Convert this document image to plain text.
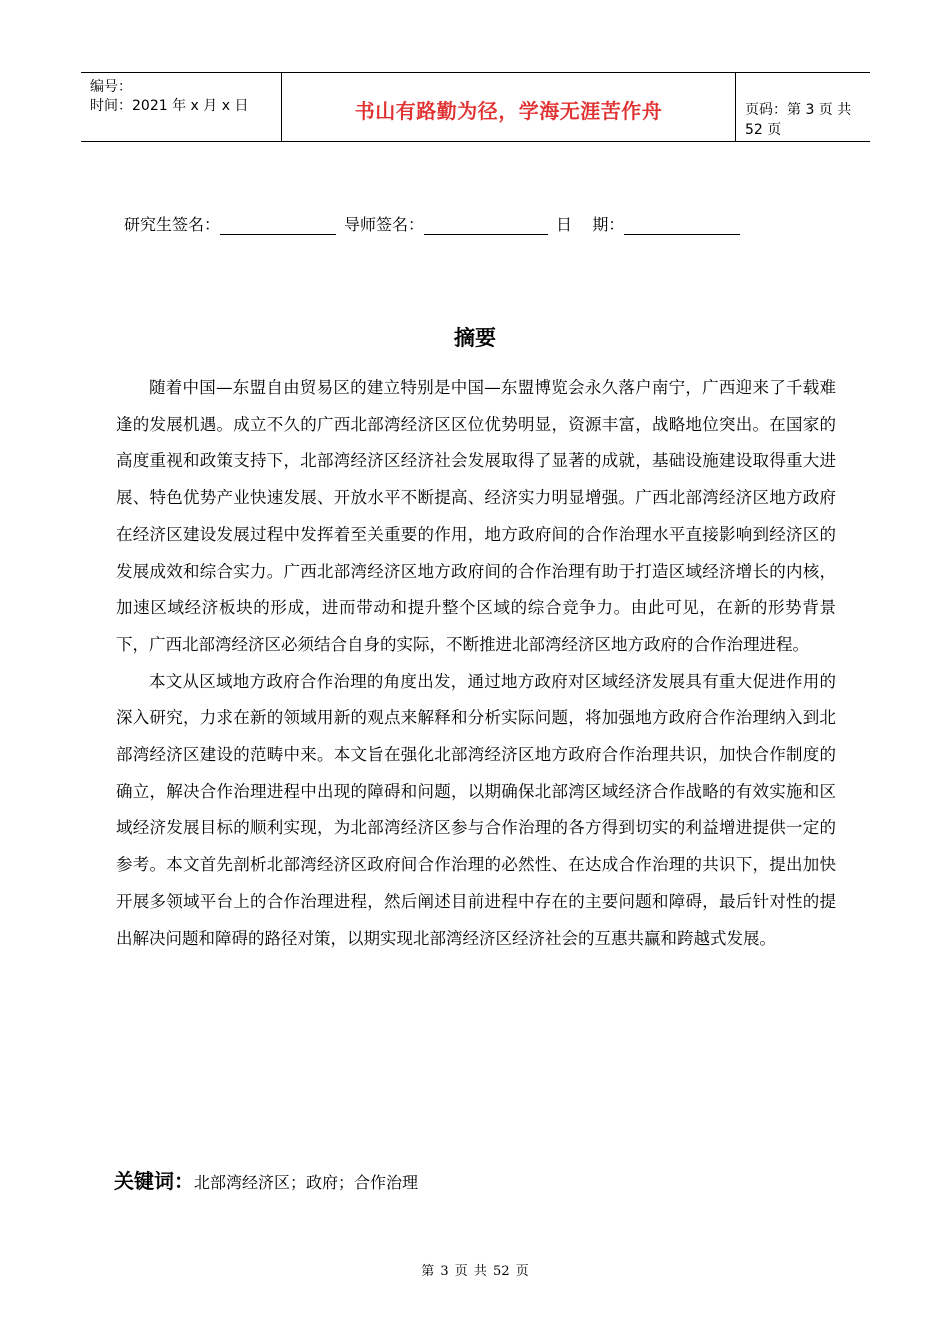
编号：
时间：2021 年 x 月 x 日	书山有路勤为径，学海无涯苦作舟	页码：第 3 页 共 52 页
研究生签名：	导师签名：	日    期：
摘要

随着中国—东盟自由贸易区的建立特别是中国—东盟博览会永久落户南宁，广西迎来了千载难逢的发展机遇。成立不久的广西北部湾经济区区位优势明显，资源丰富，战略地位突出。在国家的高度重视和政策支持下，北部湾经济区经济社会发展取得了显著的成就，基础设施建设取得重大进展、特色优势产业快速发展、开放水平不断提高、经济实力明显增强。广西北部湾经济区地方政府在经济区建设发展过程中发挥着至关重要的作用，地方政府间的合作治理水平直接影响到经济区的发展成效和综合实力。广西北部湾经济区地方政府间的合作治理有助于打造区域经济增长的内核，加速区域经济板块的形成，进而带动和提升整个区域的综合竞争力。由此可见，在新的形势背景下，广西北部湾经济区必须结合自身的实际，不断推进北部湾经济区地方政府的合作治理进程。

本文从区域地方政府合作治理的角度出发，通过地方政府对区域经济发展具有重大促进作用的深入研究，力求在新的领域用新的观点来解释和分析实际问题，将加强地方政府合作治理纳入到北部湾经济区建设的范畴中来。本文旨在强化北部湾经济区地方政府合作治理共识，加快合作制度的确立，解决合作治理进程中出现的障碍和问题，以期确保北部湾区域经济合作战略的有效实施和区域经济发展目标的顺利实现，为北部湾经济区参与合作治理的各方得到切实的利益增进提供一定的参考。本文首先剖析北部湾经济区政府间合作治理的必然性、在达成合作治理的共识下，提出加快开展多领域平台上的合作治理进程，然后阐述目前进程中存在的主要问题和障碍，最后针对性的提出解决问题和障碍的路径对策，以期实现北部湾经济区经济社会的互惠共赢和跨越式发展。

关键词：北部湾经济区；政府；合作治理
第 3 页 共 52 页
